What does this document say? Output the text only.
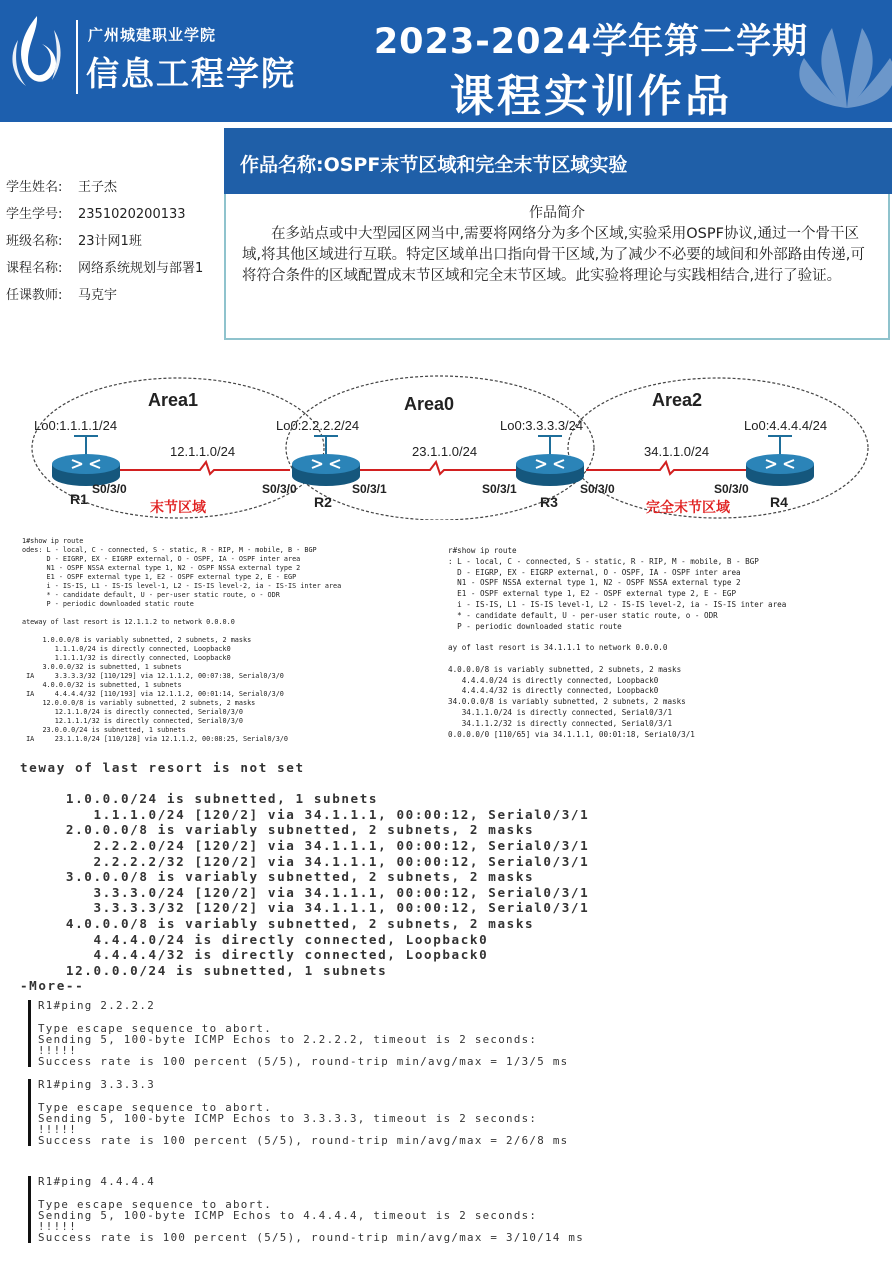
广州城建职业学院
信息工程学院
2023-2024学年第二学期
课程实训作品
学生姓名: 王子杰
学生学号: 2351020200133
班级名称: 23计网1班
课程名称: 网络系统规划与部署1
任课教师: 马克宇
作品名称:OSPF末节区域和完全末节区域实验
作品简介
在多站点或中大型园区网当中,需要将网络分为多个区域,实验采用OSPF协议,通过一个骨干区域,将其他区域进行互联。特定区域单出口指向骨干区域,为了减少不必要的域间和外部路由传递,可将符合条件的区域配置成末节区域和完全末节区域。此实验将理论与实践相结合,进行了验证。
Area1	Area0	Area2
Lo0:1.1.1.1/24	Lo0:2.2.2.2/24	Lo0:3.3.3.3/24	Lo0:4.4.4.4/24
12.1.1.0/24	23.1.1.0/24	34.1.1.0/24
S0/3/0	S0/3/0	S0/3/1	S0/3/1	S0/3/0	S0/3/0
R1	R2	R3	R4
末节区域	完全末节区域
1#show ip route
odes: L - local, C - connected, S - static, R - RIP, M - mobile, B - BGP
D - EIGRP, EX - EIGRP external, O - OSPF, IA - OSPF inter area
N1 - OSPF NSSA external type 1, N2 - OSPF NSSA external type 2
E1 - OSPF external type 1, E2 - OSPF external type 2, E - EGP
i - IS-IS, L1 - IS-IS level-1, L2 - IS-IS level-2, ia - IS-IS inter area
* - candidate default, U - per-user static route, o - ODR
P - periodic downloaded static route

ateway of last resort is 12.1.1.2 to network 0.0.0.0

1.0.0.0/8 is variably subnetted, 2 subnets, 2 masks
1.1.1.0/24 is directly connected, Loopback0
1.1.1.1/32 is directly connected, Loopback0
3.0.0.0/32 is subnetted, 1 subnets
IA     3.3.3.3/32 [110/129] via 12.1.1.2, 00:07:38, Serial0/3/0
4.0.0.0/32 is subnetted, 1 subnets
IA     4.4.4.4/32 [110/193] via 12.1.1.2, 00:01:14, Serial0/3/0
12.0.0.0/8 is variably subnetted, 2 subnets, 2 masks
12.1.1.0/24 is directly connected, Serial0/3/0
12.1.1.1/32 is directly connected, Serial0/3/0
23.0.0.0/24 is subnetted, 1 subnets
IA     23.1.1.0/24 [110/128] via 12.1.1.2, 00:08:25, Serial0/3/0
r#show ip route
: L - local, C - connected, S - static, R - RIP, M - mobile, B - BGP
D - EIGRP, EX - EIGRP external, O - OSPF, IA - OSPF inter area
N1 - OSPF NSSA external type 1, N2 - OSPF NSSA external type 2
E1 - OSPF external type 1, E2 - OSPF external type 2, E - EGP
i - IS-IS, L1 - IS-IS level-1, L2 - IS-IS level-2, ia - IS-IS inter area
* - candidate default, U - per-user static route, o - ODR
P - periodic downloaded static route

ay of last resort is 34.1.1.1 to network 0.0.0.0

4.0.0.0/8 is variably subnetted, 2 subnets, 2 masks
4.4.4.0/24 is directly connected, Loopback0
4.4.4.4/32 is directly connected, Loopback0
34.0.0.0/8 is variably subnetted, 2 subnets, 2 masks
34.1.1.0/24 is directly connected, Serial0/3/1
34.1.1.2/32 is directly connected, Serial0/3/1
0.0.0.0/0 [110/65] via 34.1.1.1, 00:01:18, Serial0/3/1
teway of last resort is not set

1.0.0.0/24 is subnetted, 1 subnets
1.1.1.0/24 [120/2] via 34.1.1.1, 00:00:12, Serial0/3/1
2.0.0.0/8 is variably subnetted, 2 subnets, 2 masks
2.2.2.0/24 [120/2] via 34.1.1.1, 00:00:12, Serial0/3/1
2.2.2.2/32 [120/2] via 34.1.1.1, 00:00:12, Serial0/3/1
3.0.0.0/8 is variably subnetted, 2 subnets, 2 masks
3.3.3.0/24 [120/2] via 34.1.1.1, 00:00:12, Serial0/3/1
3.3.3.3/32 [120/2] via 34.1.1.1, 00:00:12, Serial0/3/1
4.0.0.0/8 is variably subnetted, 2 subnets, 2 masks
4.4.4.0/24 is directly connected, Loopback0
4.4.4.4/32 is directly connected, Loopback0
12.0.0.0/24 is subnetted, 1 subnets
-More--
R1#ping 2.2.2.2
Type escape sequence to abort.
Sending 5, 100-byte ICMP Echos to 2.2.2.2, timeout is 2 seconds:
!!!!!
Success rate is 100 percent (5/5), round-trip min/avg/max = 1/3/5 ms
R1#ping 3.3.3.3
Type escape sequence to abort.
Sending 5, 100-byte ICMP Echos to 3.3.3.3, timeout is 2 seconds:
!!!!!
Success rate is 100 percent (5/5), round-trip min/avg/max = 2/6/8 ms
R1#ping 4.4.4.4
Type escape sequence to abort.
Sending 5, 100-byte ICMP Echos to 4.4.4.4, timeout is 2 seconds:
!!!!!
Success rate is 100 percent (5/5), round-trip min/avg/max = 3/10/14 ms
